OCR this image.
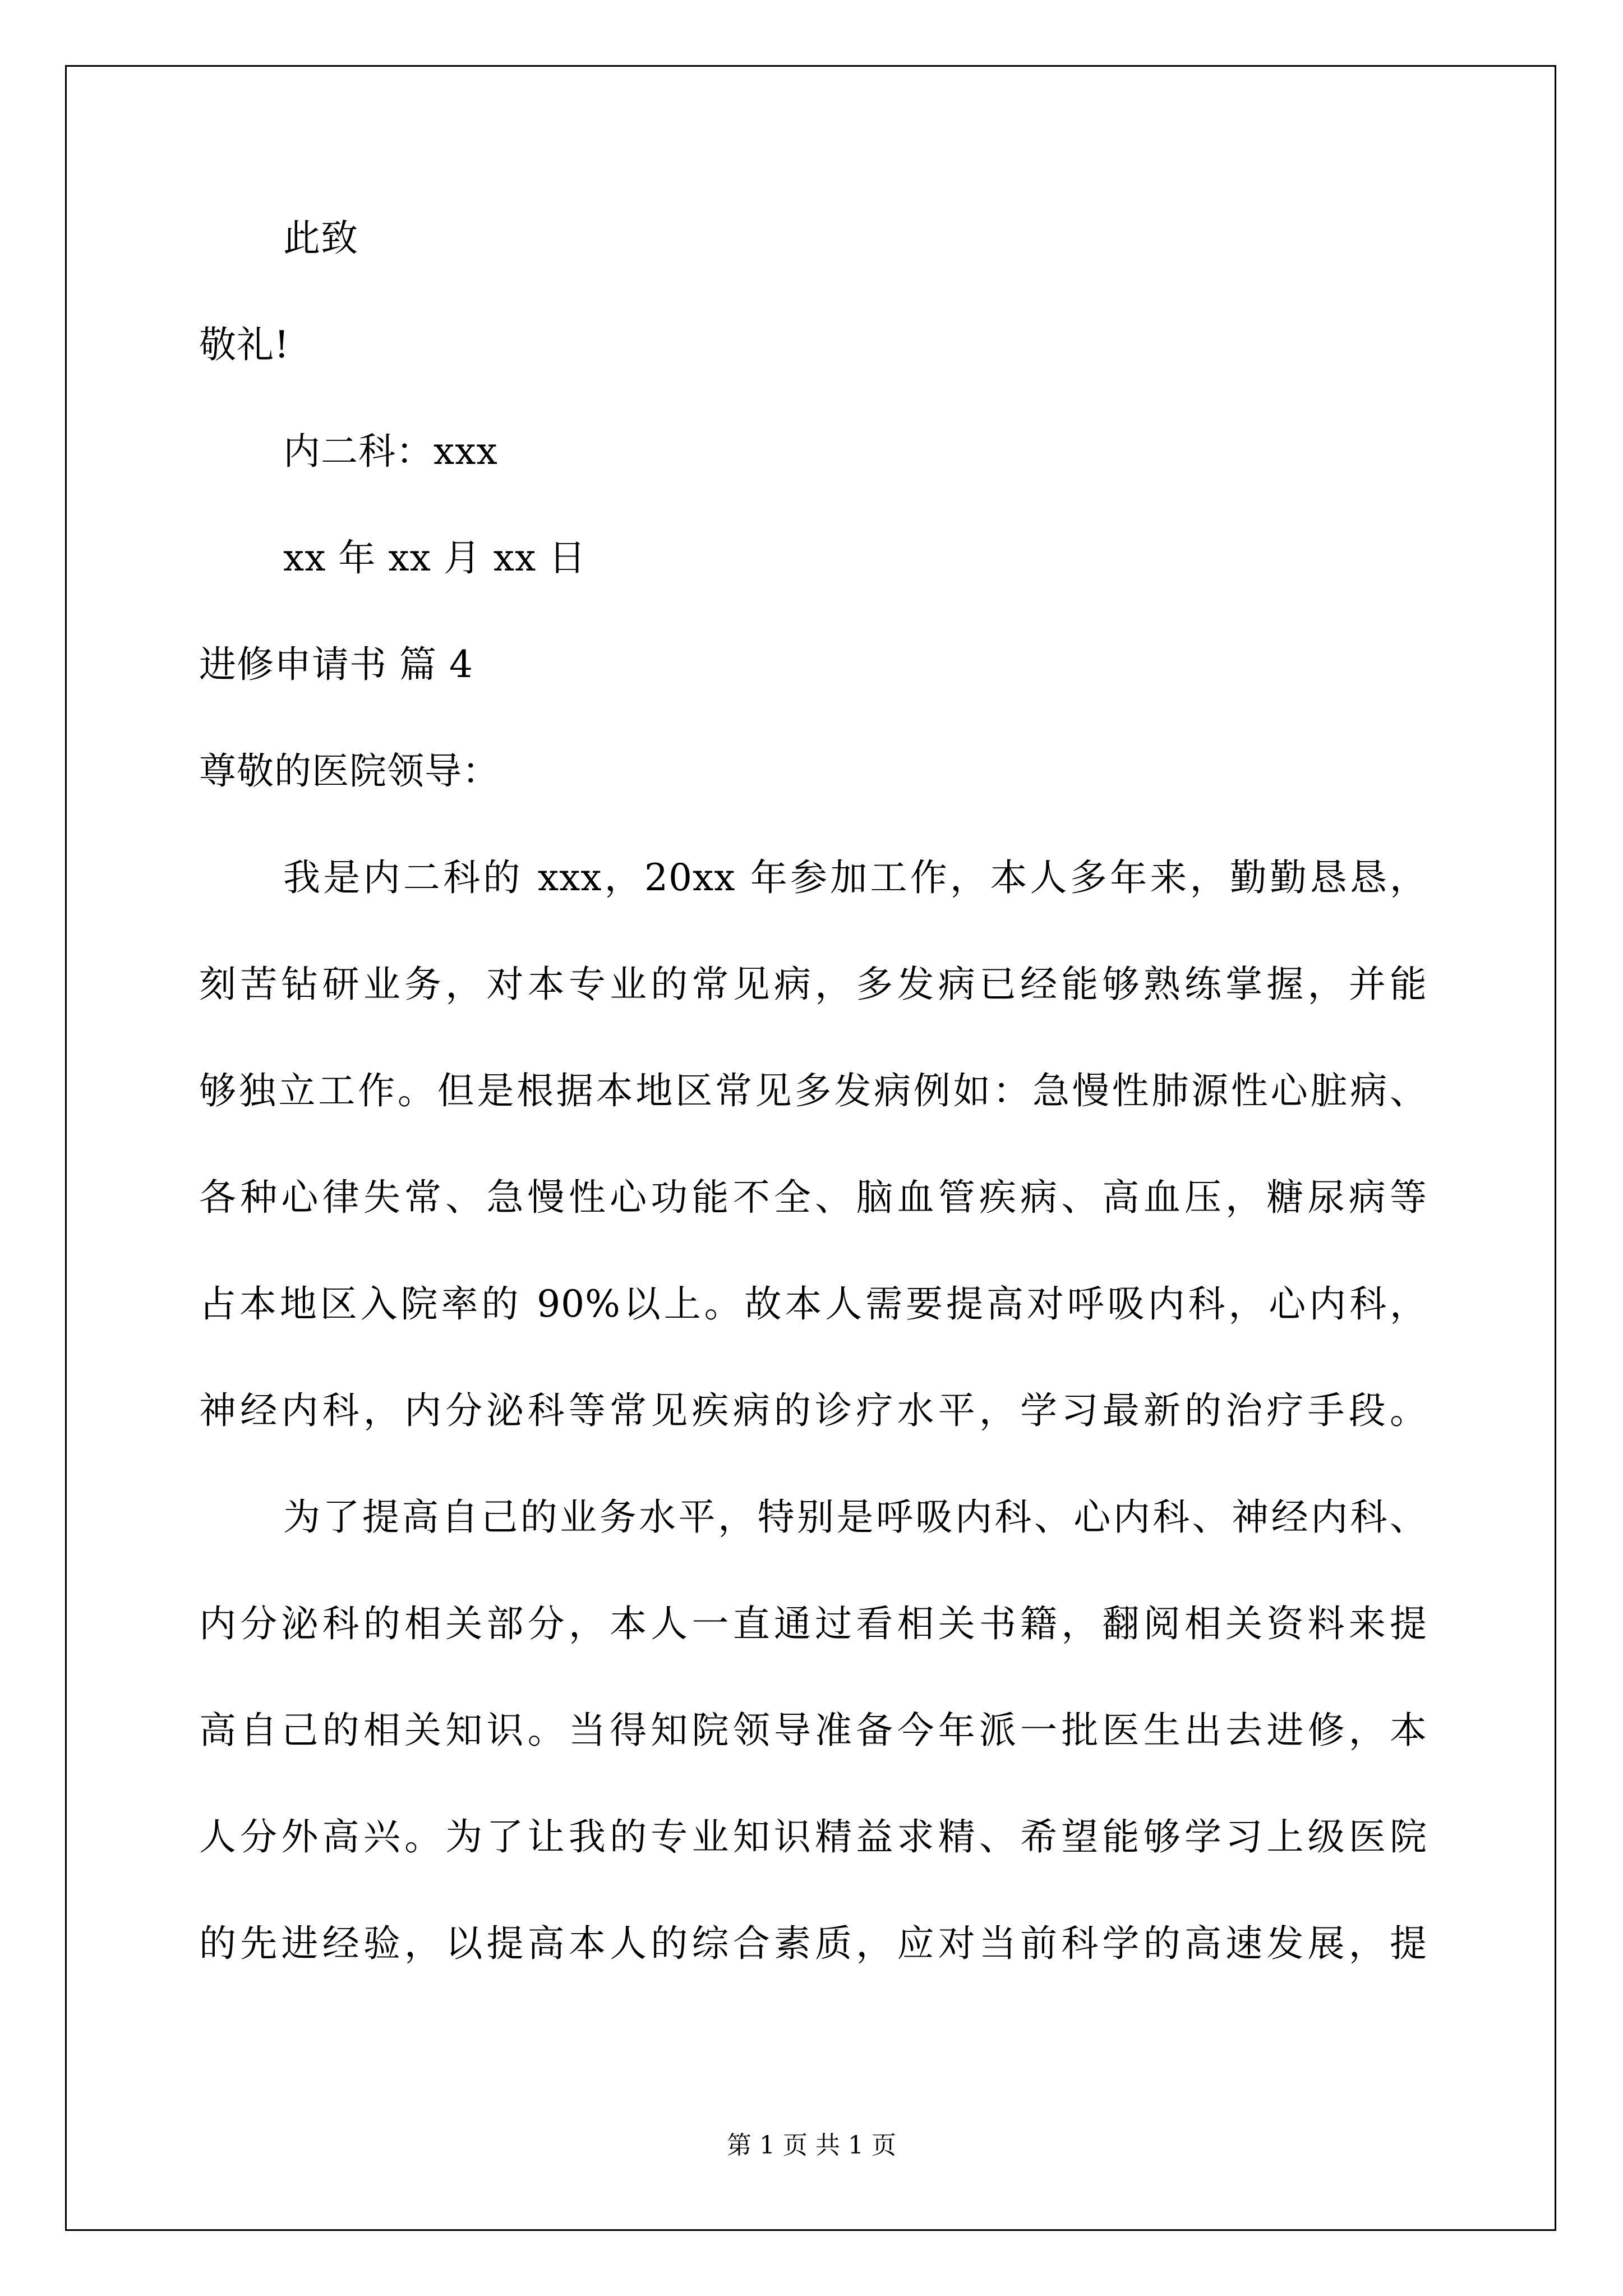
此致
敬礼!
内二科：xxx
xx 年 xx 月 xx 日
进修申请书 篇 4
尊敬的医院领导：
我是内二科的 xxx，20xx 年参加工作，本人多年来，勤勤恳恳，
刻苦钻研业务，对本专业的常见病，多发病已经能够熟练掌握，并能
够独立工作。但是根据本地区常见多发病例如：急慢性肺源性心脏病、
各种心律失常、急慢性心功能不全、脑血管疾病、高血压，糖尿病等
占本地区入院率的 90%以上。故本人需要提高对呼吸内科，心内科，
神经内科，内分泌科等常见疾病的诊疗水平，学习最新的治疗手段。
为了提高自己的业务水平，特别是呼吸内科、心内科、神经内科、
内分泌科的相关部分，本人一直通过看相关书籍，翻阅相关资料来提
高自己的相关知识。当得知院领导准备今年派一批医生出去进修，本
人分外高兴。为了让我的专业知识精益求精、希望能够学习上级医院
的先进经验，以提高本人的综合素质，应对当前科学的高速发展，提
第 1 页 共 1 页
